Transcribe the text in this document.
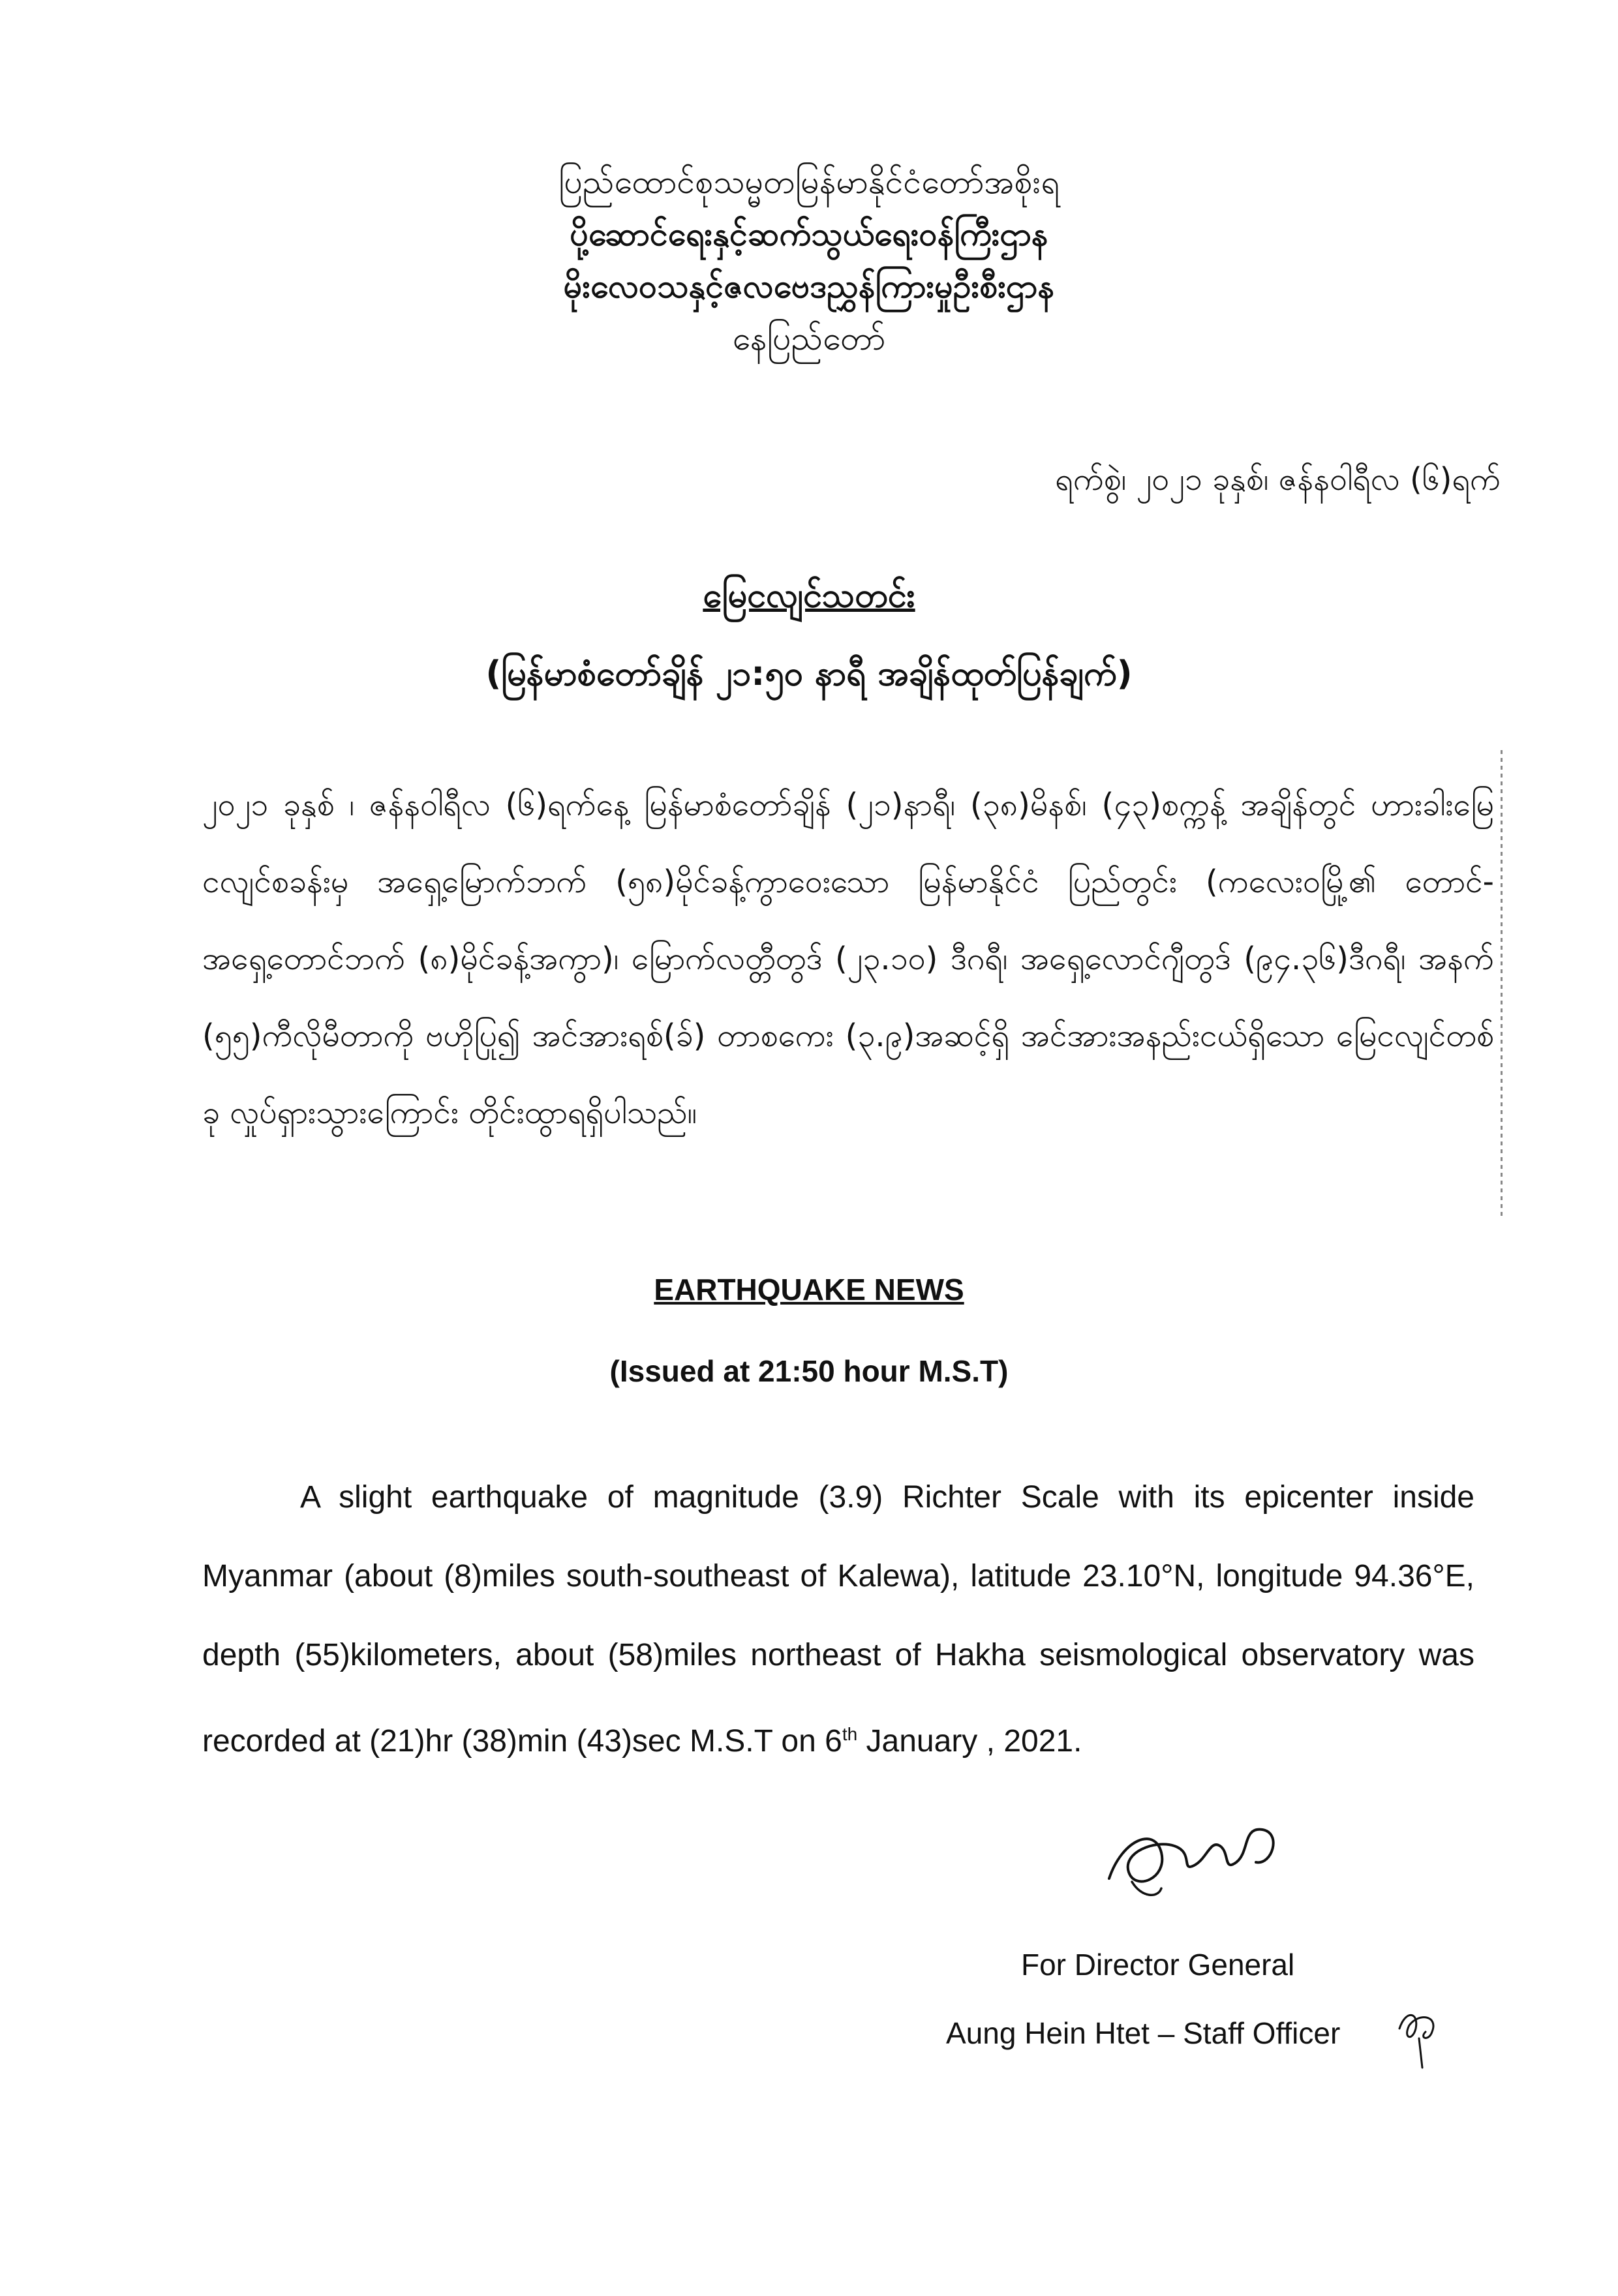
ပြည်ထောင်စုသမ္မတမြန်မာနိုင်ငံတော်အစိုးရ
ပို့ဆောင်ရေးနှင့်ဆက်သွယ်ရေးဝန်ကြီးဌာန
မိုးလေဝသနှင့်ဇလဗေဒညွှန်ကြားမှုဦးစီးဌာန
နေပြည်တော်
ရက်စွဲ၊ ၂၀၂၁ ခုနှစ်၊ ဇန်နဝါရီလ (၆)ရက်
မြေငလျင်သတင်း
(မြန်မာစံတော်ချိန် ၂၁:၅၀ နာရီ အချိန်ထုတ်ပြန်ချက်)
၂၀၂၁ ခုနှစ် ၊ ဇန်နဝါရီလ (၆)ရက်နေ့ မြန်မာစံတော်ချိန် (၂၁)နာရီ၊ (၃၈)မိနစ်၊ (၄၃)စက္ကန့် အချိန်တွင် ဟားခါးမြေငလျင်စခန်းမှ အရှေ့မြောက်ဘက် (၅၈)မိုင်ခန့်ကွာဝေးသော မြန်မာနိုင်ငံ ပြည်တွင်း (ကလေးဝမြို့၏ တောင်-အရှေ့တောင်ဘက် (၈)မိုင်ခန့်အကွာ)၊ မြောက်လတ္တီတွဒ် (၂၃.၁၀) ဒီဂရီ၊ အရှေ့လောင်ဂျီတွဒ် (၉၄.၃၆)ဒီဂရီ၊ အနက် (၅၅)ကီလိုမီတာကို ဗဟိုပြု၍ အင်အားရစ်(ခ်) တာစကေး (၃.၉)အဆင့်ရှိ အင်အားအနည်းငယ်ရှိသော မြေငလျင်တစ်ခု လှုပ်ရှားသွားကြောင်း တိုင်းထွာရရှိပါသည်။
EARTHQUAKE NEWS
(Issued at 21:50 hour M.S.T)
A slight earthquake of magnitude (3.9) Richter Scale with its epicenter inside Myanmar (about (8)miles south-southeast of Kalewa), latitude 23.10°N, longitude 94.36°E, depth (55)kilometers, about (58)miles northeast of Hakha seismological observatory was recorded at (21)hr (38)min (43)sec M.S.T on 6th January , 2021.
For Director General
Aung Hein Htet – Staff Officer
